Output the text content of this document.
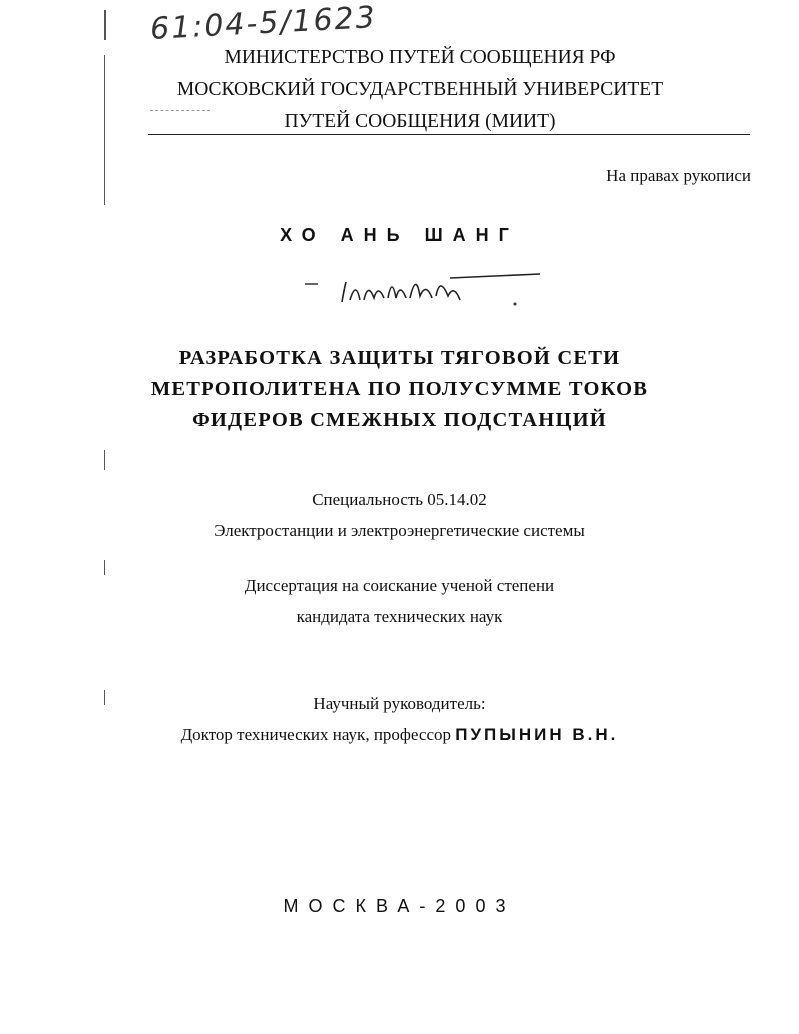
61:04-5/1623
МИНИСТЕРСТВО ПУТЕЙ СООБЩЕНИЯ РФ
МОСКОВСКИЙ ГОСУДАРСТВЕННЫЙ УНИВЕРСИТЕТ
ПУТЕЙ СООБЩЕНИЯ (МИИТ)
На правах рукописи
ХО АНЬ ШАНГ
РАЗРАБОТКА ЗАЩИТЫ ТЯГОВОЙ СЕТИ
МЕТРОПОЛИТЕНА ПО ПОЛУСУММЕ ТОКОВ
ФИДЕРОВ СМЕЖНЫХ ПОДСТАНЦИЙ
Специальность 05.14.02
Электростанции и электроэнергетические системы
Диссертация на соискание ученой степени
кандидата технических наук
Научный руководитель:
Доктор технических наук, профессор ПУПЫНИН В.Н.
МОСКВА-2003
